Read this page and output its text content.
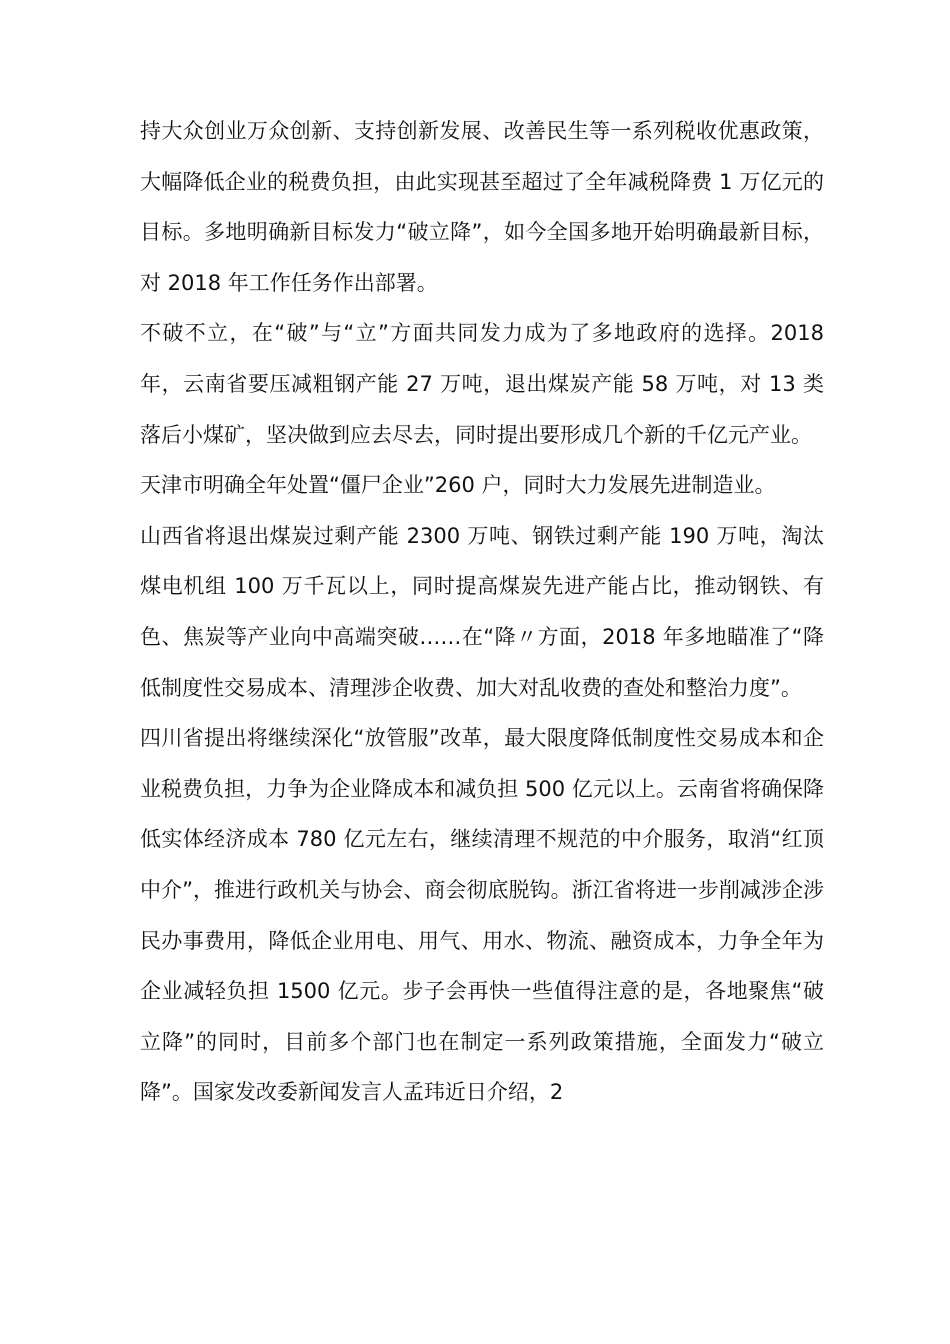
持大众创业万众创新、支持创新发展、改善民生等一系列税收优惠政策，大幅降低企业的税费负担，由此实现甚至超过了全年减税降费 1 万亿元的目标。多地明确新目标发力“破立降”，如今全国多地开始明确最新目标，对 2018 年工作任务作出部署。

不破不立，在“破”与“立”方面共同发力成为了多地政府的选择。2018 年，云南省要压减粗钢产能 27 万吨，退出煤炭产能 58 万吨，对 13 类落后小煤矿，坚决做到应去尽去，同时提出要形成几个新的千亿元产业。

天津市明确全年处置“僵尸企业”260 户，同时大力发展先进制造业。

山西省将退出煤炭过剩产能 2300 万吨、钢铁过剩产能 190 万吨，淘汰煤电机组 100 万千瓦以上，同时提高煤炭先进产能占比，推动钢铁、有色、焦炭等产业向中高端突破……在“降〃方面，2018 年多地瞄准了“降低制度性交易成本、清理涉企收费、加大对乱收费的查处和整治力度”。

四川省提出将继续深化“放管服”改革，最大限度降低制度性交易成本和企业税费负担，力争为企业降成本和减负担 500 亿元以上。云南省将确保降低实体经济成本 780 亿元左右，继续清理不规范的中介服务，取消“红顶中介”，推进行政机关与协会、商会彻底脱钩。浙江省将进一步削减涉企涉民办事费用，降低企业用电、用气、用水、物流、融资成本，力争全年为企业减轻负担 1500 亿元。步子会再快一些值得注意的是，各地聚焦“破立降”的同时，目前多个部门也在制定一系列政策措施，全面发力“破立降”。国家发改委新闻发言人孟玮近日介绍，2
